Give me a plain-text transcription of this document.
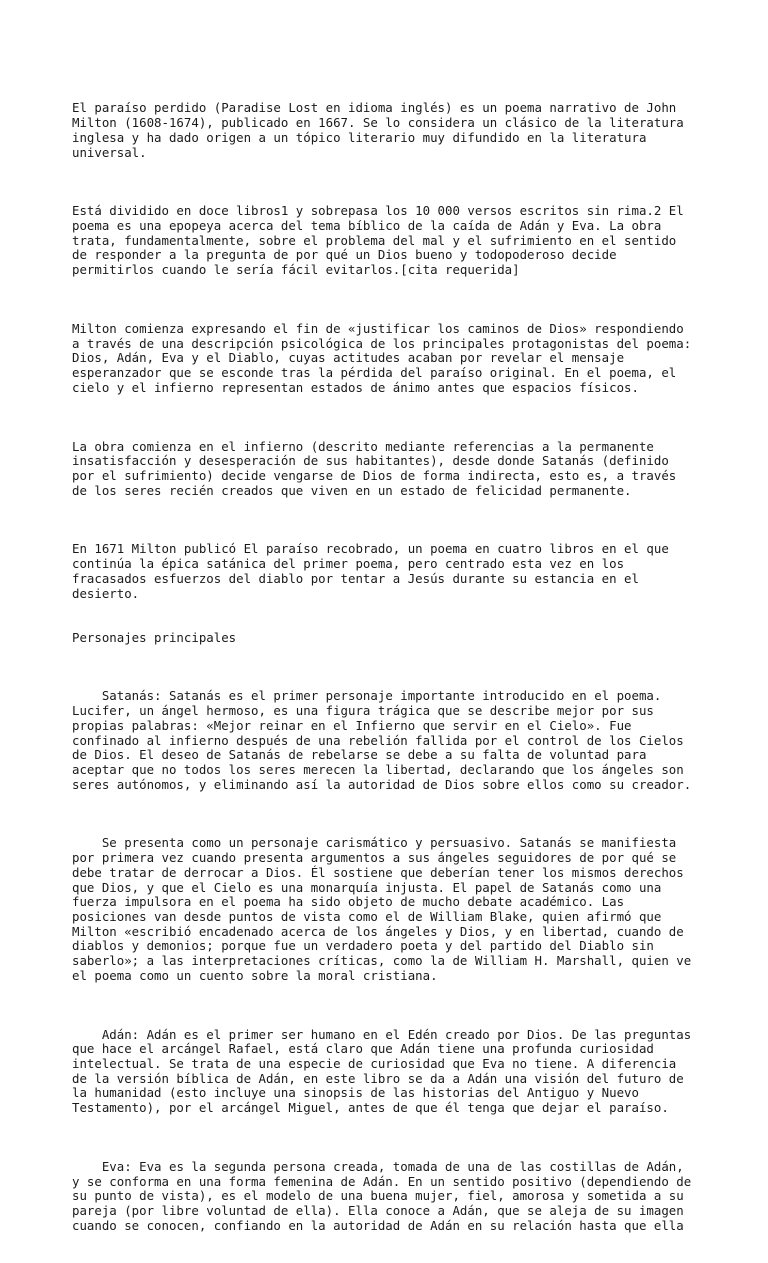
El paraíso perdido (Paradise Lost en idioma inglés) es un poema narrativo de John
Milton (1608-1674), publicado en 1667. Se lo considera un clásico de la literatura
inglesa y ha dado origen a un tópico literario muy difundido en la literatura
universal.

Está dividido en doce libros1 y sobrepasa los 10 000 versos escritos sin rima.2 El
poema es una epopeya acerca del tema bíblico de la caída de Adán y Eva. La obra
trata, fundamentalmente, sobre el problema del mal y el sufrimiento en el sentido
de responder a la pregunta de por qué un Dios bueno y todopoderoso decide
permitirlos cuando le sería fácil evitarlos.[cita requerida]

Milton comienza expresando el fin de «justificar los caminos de Dios» respondiendo
a través de una descripción psicológica de los principales protagonistas del poema:
Dios, Adán, Eva y el Diablo, cuyas actitudes acaban por revelar el mensaje
esperanzador que se esconde tras la pérdida del paraíso original. En el poema, el
cielo y el infierno representan estados de ánimo antes que espacios físicos.

La obra comienza en el infierno (descrito mediante referencias a la permanente
insatisfacción y desesperación de sus habitantes), desde donde Satanás (definido
por el sufrimiento) decide vengarse de Dios de forma indirecta, esto es, a través
de los seres recién creados que viven en un estado de felicidad permanente.

En 1671 Milton publicó El paraíso recobrado, un poema en cuatro libros en el que
continúa la épica satánica del primer poema, pero centrado esta vez en los
fracasados esfuerzos del diablo por tentar a Jesús durante su estancia en el
desierto.

Personajes principales

Satanás: Satanás es el primer personaje importante introducido en el poema.
Lucifer, un ángel hermoso, es una figura trágica que se describe mejor por sus
propias palabras: «Mejor reinar en el Infierno que servir en el Cielo». Fue
confinado al infierno después de una rebelión fallida por el control de los Cielos
de Dios. El deseo de Satanás de rebelarse se debe a su falta de voluntad para
aceptar que no todos los seres merecen la libertad, declarando que los ángeles son
seres autónomos, y eliminando así la autoridad de Dios sobre ellos como su creador.

Se presenta como un personaje carismático y persuasivo. Satanás se manifiesta
por primera vez cuando presenta argumentos a sus ángeles seguidores de por qué se
debe tratar de derrocar a Dios. Él sostiene que deberían tener los mismos derechos
que Dios, y que el Cielo es una monarquía injusta. El papel de Satanás como una
fuerza impulsora en el poema ha sido objeto de mucho debate académico. Las
posiciones van desde puntos de vista como el de William Blake, quien afirmó que
Milton «escribió encadenado acerca de los ángeles y Dios, y en libertad, cuando de
diablos y demonios; porque fue un verdadero poeta y del partido del Diablo sin
saberlo»; a las interpretaciones críticas, como la de William H. Marshall, quien ve
el poema como un cuento sobre la moral cristiana.

Adán: Adán es el primer ser humano en el Edén creado por Dios. De las preguntas
que hace el arcángel Rafael, está claro que Adán tiene una profunda curiosidad
intelectual. Se trata de una especie de curiosidad que Eva no tiene. A diferencia
de la versión bíblica de Adán, en este libro se da a Adán una visión del futuro de
la humanidad (esto incluye una sinopsis de las historias del Antiguo y Nuevo
Testamento), por el arcángel Miguel, antes de que él tenga que dejar el paraíso.

Eva: Eva es la segunda persona creada, tomada de una de las costillas de Adán,
y se conforma en una forma femenina de Adán. En un sentido positivo (dependiendo de
su punto de vista), es el modelo de una buena mujer, fiel, amorosa y sometida a su
pareja (por libre voluntad de ella). Ella conoce a Adán, que se aleja de su imagen
cuando se conocen, confiando en la autoridad de Adán en su relación hasta que ella
